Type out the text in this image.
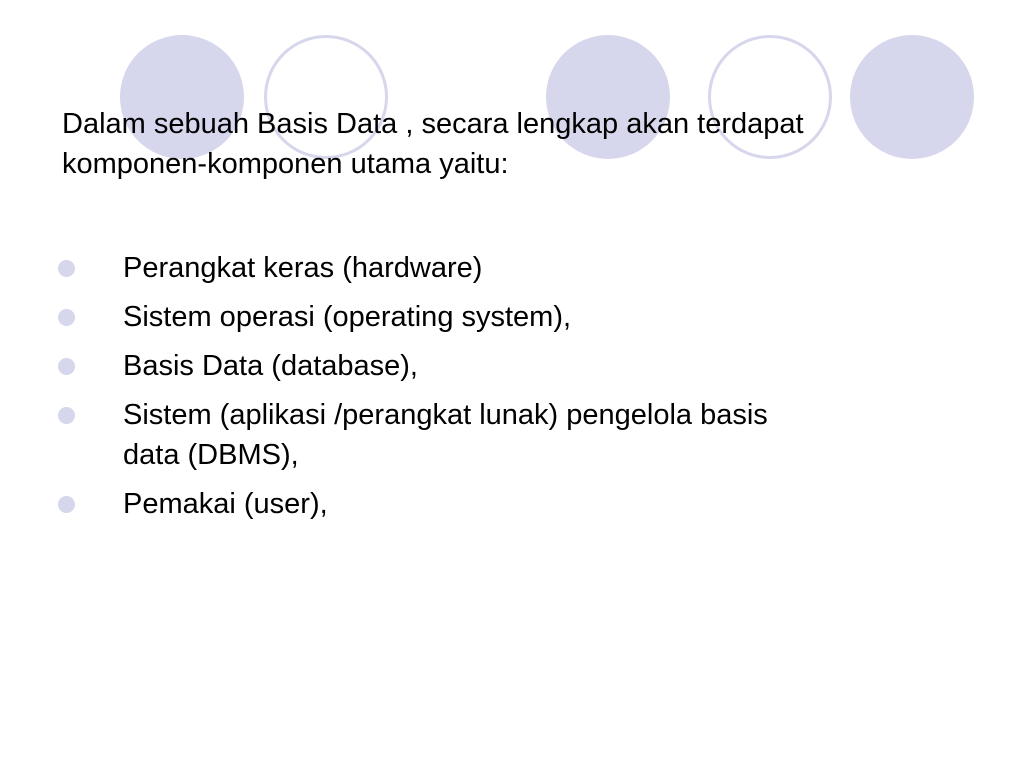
Dalam sebuah Basis Data , secara lengkap akan terdapat
komponen-komponen utama yaitu:
Perangkat keras (hardware)
Sistem operasi (operating system),
Basis Data (database),
Sistem (aplikasi /perangkat lunak) pengelola basis
data (DBMS),
Pemakai (user),
